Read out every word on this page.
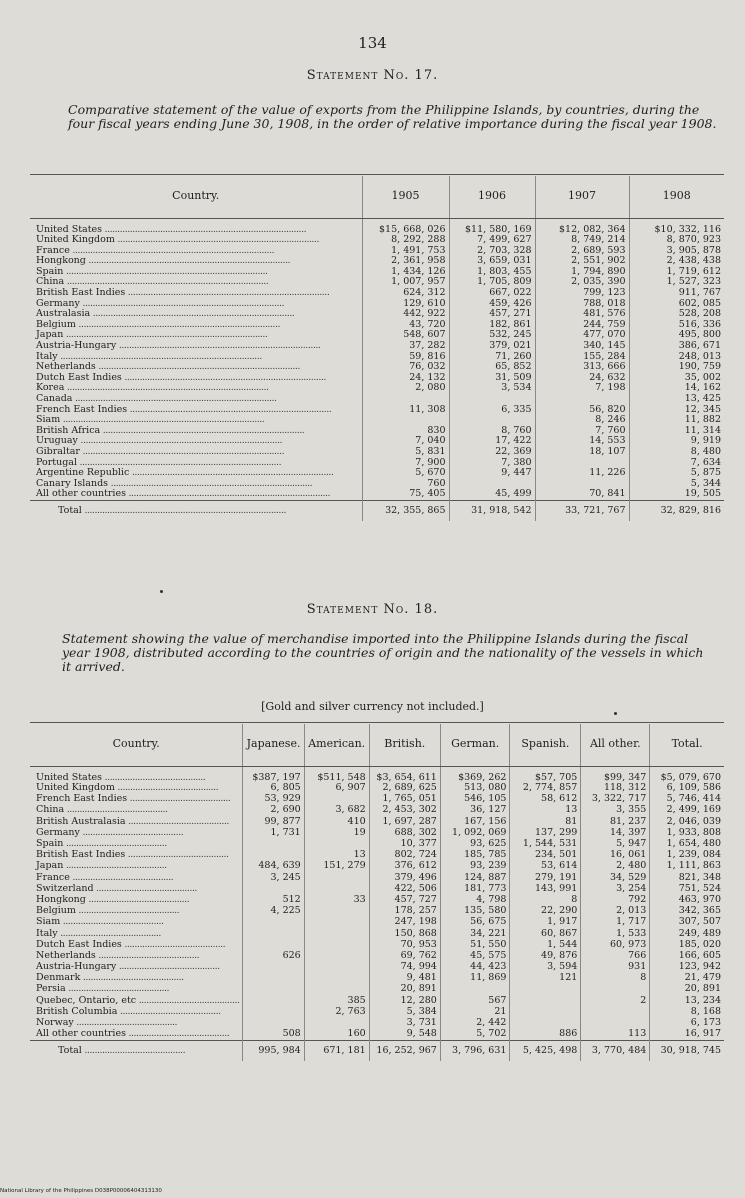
134
Statement No. 17.
Comparative statement of the value of exports from the Philippine Islands, by countries, during the four fiscal years ending June 30, 1908, in the order of relative importance during the fiscal year 1908.
Country.	1905	1906	1907	1908
United States ................................................................................	$15, 668, 026	$11, 580, 169	$12, 082, 364	$10, 332, 116
United Kingdom ................................................................................	8, 292, 288	7, 499, 627	8, 749, 214	8, 870, 923
France ................................................................................	1, 491, 753	2, 703, 328	2, 689, 593	3, 905, 878
Hongkong ................................................................................	2, 361, 958	3, 659, 031	2, 551, 902	2, 438, 438
Spain ................................................................................	1, 434, 126	1, 803, 455	1, 794, 890	1, 719, 612
China ................................................................................	1, 007, 957	1, 705, 809	2, 035, 390	1, 527, 323
British East Indies ................................................................................	624, 312	667, 022	799, 123	911, 767
Germany ................................................................................	129, 610	459, 426	788, 018	602, 085
Australasia ................................................................................	442, 922	457, 271	481, 576	528, 208
Belgium ................................................................................	43, 720	182, 861	244, 759	516, 336
Japan ................................................................................	548, 607	532, 245	477, 070	495, 800
Austria-Hungary ................................................................................	37, 282	379, 021	340, 145	386, 671
Italy ................................................................................	59, 816	71, 260	155, 284	248, 013
Netherlands ................................................................................	76, 032	65, 852	313, 666	190, 759
Dutch East Indies ................................................................................	24, 132	31, 509	24, 632	35, 002
Korea ................................................................................	2, 080	3, 534	7, 198	14, 162
Canada ................................................................................				13, 425
French East Indies ................................................................................	11, 308	6, 335	56, 820	12, 345
Siam ................................................................................			8, 246	11, 882
British Africa ................................................................................	830	8, 760	7, 760	11, 314
Uruguay ................................................................................	7, 040	17, 422	14, 553	9, 919
Gibraltar ................................................................................	5, 831	22, 369	18, 107	8, 480
Portugal ................................................................................	7, 900	7, 380		7, 634
Argentine Republic ................................................................................	5, 670	9, 447	11, 226	5, 875
Canary Islands ................................................................................	760			5, 344
All other countries ................................................................................	75, 405	45, 499	70, 841	19, 505
Total ................................................................................	32, 355, 865	31, 918, 542	33, 721, 767	32, 829, 816
Statement No. 18.
Statement showing the value of merchandise imported into the Philippine Islands during the fiscal year 1908, distributed according to the countries of origin and the nationality of the vessels in which it arrived.
[Gold and silver currency not included.]
Country.	Japanese.	American.	British.	German.	Spanish.	All other.	Total.
United States ........................................	$387, 197	$511, 548	$3, 654, 611	$369, 262	$57, 705	$99, 347	$5, 079, 670
United Kingdom ........................................	6, 805	6, 907	2, 689, 625	513, 080	2, 774, 857	118, 312	6, 109, 586
French East Indies ........................................	53, 929		1, 765, 051	546, 105	58, 612	3, 322, 717	5, 746, 414
China ........................................	2, 690	3, 682	2, 453, 302	36, 127	13	3, 355	2, 499, 169
British Australasia ........................................	99, 877	410	1, 697, 287	167, 156	81	81, 237	2, 046, 039
Germany ........................................	1, 731	19	688, 302	1, 092, 069	137, 299	14, 397	1, 933, 808
Spain ........................................			10, 377	93, 625	1, 544, 531	5, 947	1, 654, 480
British East Indies ........................................		13	802, 724	185, 785	234, 501	16, 061	1, 239, 084
Japan ........................................	484, 639	151, 279	376, 612	93, 239	53, 614	2, 480	1, 111, 863
France ........................................	3, 245		379, 496	124, 887	279, 191	34, 529	821, 348
Switzerland ........................................			422, 506	181, 773	143, 991	3, 254	751, 524
Hongkong ........................................	512	33	457, 727	4, 798	8	792	463, 970
Belgium ........................................	4, 225		178, 257	135, 580	22, 290	2, 013	342, 365
Siam ........................................			247, 198	56, 675	1, 917	1, 717	307, 507
Italy ........................................			150, 868	34, 221	60, 867	1, 533	249, 489
Dutch East Indies ........................................			70, 953	51, 550	1, 544	60, 973	185, 020
Netherlands ........................................	626		69, 762	45, 575	49, 876	766	166, 605
Austria-Hungary ........................................			74, 994	44, 423	3, 594	931	123, 942
Denmark ........................................			9, 481	11, 869	121	8	21, 479
Persia ........................................			20, 891				20, 891
Quebec, Ontario, etc ........................................		385	12, 280	567		2	13, 234
British Columbia ........................................		2, 763	5, 384	21			8, 168
Norway ........................................			3, 731	2, 442			6, 173
All other countries ........................................	508	160	9, 548	5, 702	886	113	16, 917
Total ........................................	995, 984	671, 181	16, 252, 967	3, 796, 631	5, 425, 498	3, 770, 484	30, 918, 745
National Library of the Philippines D038P00006404313130
